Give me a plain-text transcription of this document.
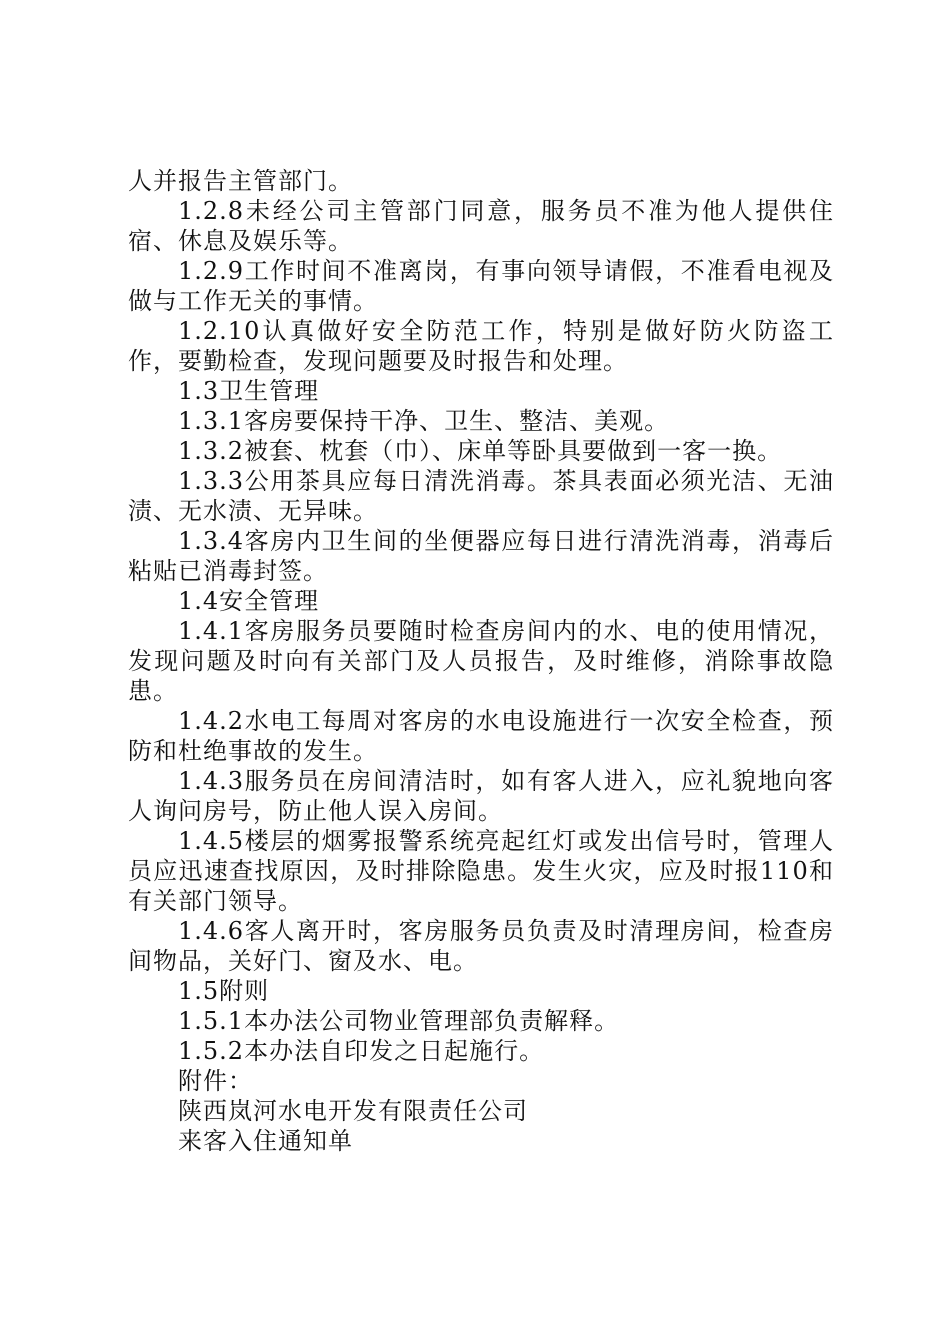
人并报告主管部门。

1.2.8未经公司主管部门同意，服务员不准为他人提供住宿、休息及娱乐等。

1.2.9工作时间不准离岗，有事向领导请假，不准看电视及做与工作无关的事情。

1.2.10认真做好安全防范工作，特别是做好防火防盗工作，要勤检查，发现问题要及时报告和处理。

1.3卫生管理

1.3.1客房要保持干净、卫生、整洁、美观。

1.3.2被套、枕套（巾）、床单等卧具要做到一客一换。

1.3.3公用茶具应每日清洗消毒。茶具表面必须光洁、无油渍、无水渍、无异味。

1.3.4客房内卫生间的坐便器应每日进行清洗消毒，消毒后粘贴已消毒封签。

1.4安全管理

1.4.1客房服务员要随时检查房间内的水、电的使用情况，发现问题及时向有关部门及人员报告，及时维修，消除事故隐患。

1.4.2水电工每周对客房的水电设施进行一次安全检查，预防和杜绝事故的发生。

1.4.3服务员在房间清洁时，如有客人进入，应礼貌地向客人询问房号，防止他人误入房间。

1.4.5楼层的烟雾报警系统亮起红灯或发出信号时，管理人员应迅速查找原因，及时排除隐患。发生火灾，应及时报110和有关部门领导。

1.4.6客人离开时，客房服务员负责及时清理房间，检查房间物品，关好门、窗及水、电。

1.5附则

1.5.1本办法公司物业管理部负责解释。

1.5.2本办法自印发之日起施行。

附件：

陕西岚河水电开发有限责任公司

来客入住通知单
